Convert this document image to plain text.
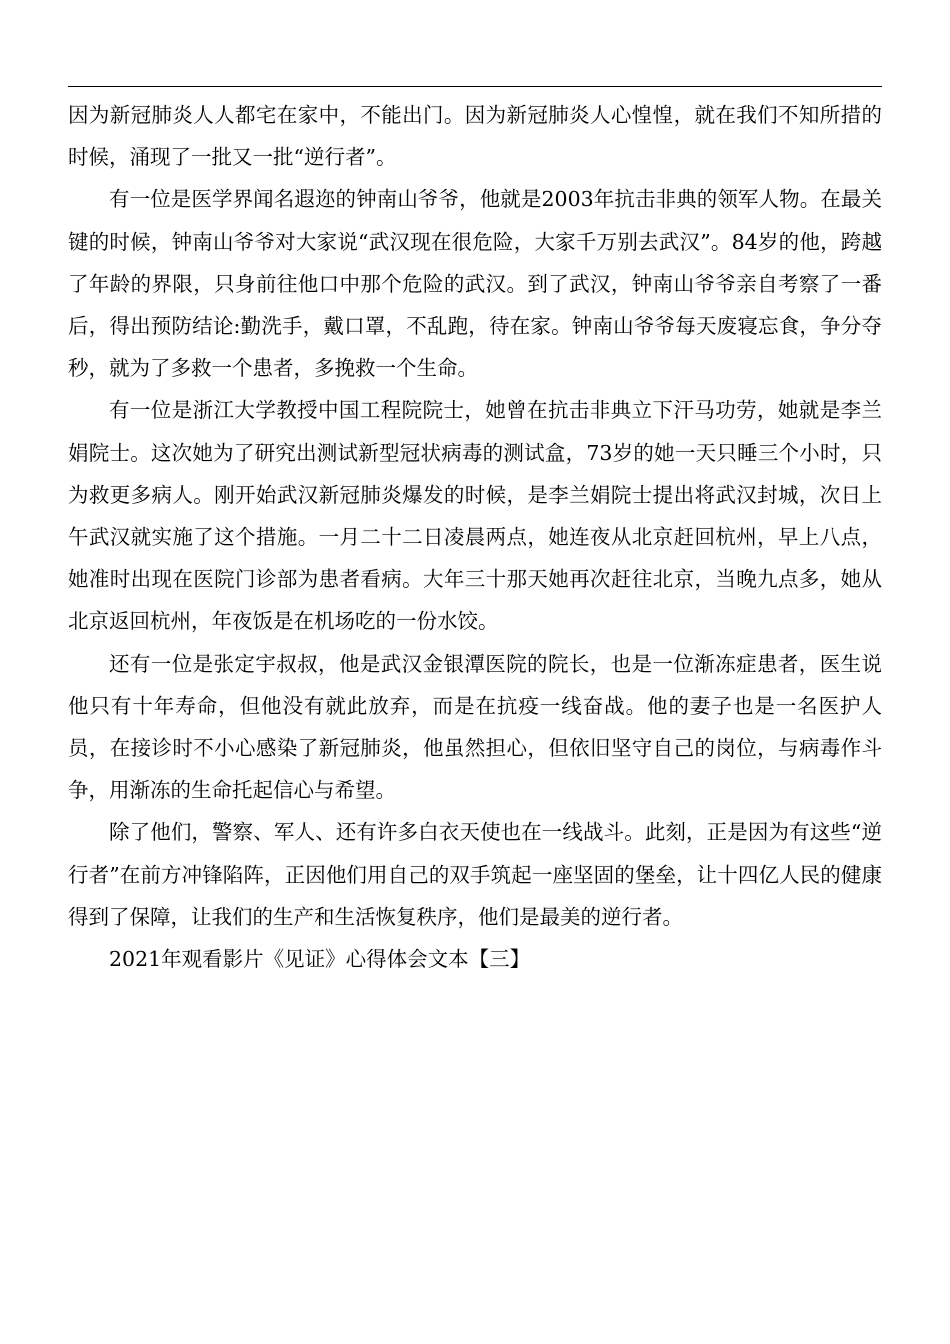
因为新冠肺炎人人都宅在家中，不能出门。因为新冠肺炎人心惶惶，就在我们不知所措的时候，涌现了一批又一批“逆行者”。

有一位是医学界闻名遐迩的钟南山爷爷，他就是2003年抗击非典的领军人物。在最关键的时候，钟南山爷爷对大家说“武汉现在很危险，大家千万别去武汉”。84岁的他，跨越了年龄的界限，只身前往他口中那个危险的武汉。到了武汉，钟南山爷爷亲自考察了一番后，得出预防结论:勤洗手，戴口罩，不乱跑，待在家。钟南山爷爷每天废寝忘食，争分夺秒，就为了多救一个患者，多挽救一个生命。

有一位是浙江大学教授中国工程院院士，她曾在抗击非典立下汗马功劳，她就是李兰娟院士。这次她为了研究出测试新型冠状病毒的测试盒，73岁的她一天只睡三个小时，只为救更多病人。刚开始武汉新冠肺炎爆发的时候，是李兰娟院士提出将武汉封城，次日上午武汉就实施了这个措施。一月二十二日凌晨两点，她连夜从北京赶回杭州，早上八点，她准时出现在医院门诊部为患者看病。大年三十那天她再次赶往北京，当晚九点多，她从北京返回杭州，年夜饭是在机场吃的一份水饺。

还有一位是张定宇叔叔，他是武汉金银潭医院的院长，也是一位渐冻症患者，医生说他只有十年寿命，但他没有就此放弃，而是在抗疫一线奋战。他的妻子也是一名医护人员，在接诊时不小心感染了新冠肺炎，他虽然担心，但依旧坚守自己的岗位，与病毒作斗争，用渐冻的生命托起信心与希望。

除了他们，警察、军人、还有许多白衣天使也在一线战斗。此刻，正是因为有这些“逆行者”在前方冲锋陷阵，正因他们用自己的双手筑起一座坚固的堡垒，让十四亿人民的健康得到了保障，让我们的生产和生活恢复秩序，他们是最美的逆行者。

2021年观看影片《见证》心得体会文本【三】
